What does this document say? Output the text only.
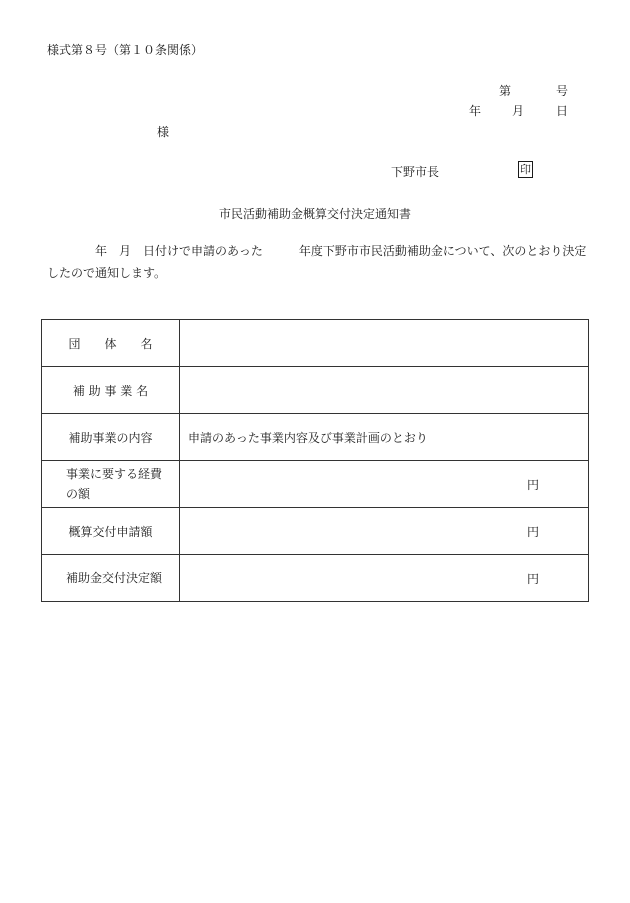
様式第８号（第１０条関係）
第	号
年	月	日
様
下野市長	印
市民活動補助金概算交付決定通知書
　　　　年　月　日付けで申請のあった　　　年度下野市市民活動補助金について、次のとおり決定
したので通知します。
団　　体　　名	
補 助 事 業 名	
補助事業の内容	申請のあった事業内容及び事業計画のとおり
事業に要する経費の額	円
概算交付申請額	円
補助金交付決定額	円
